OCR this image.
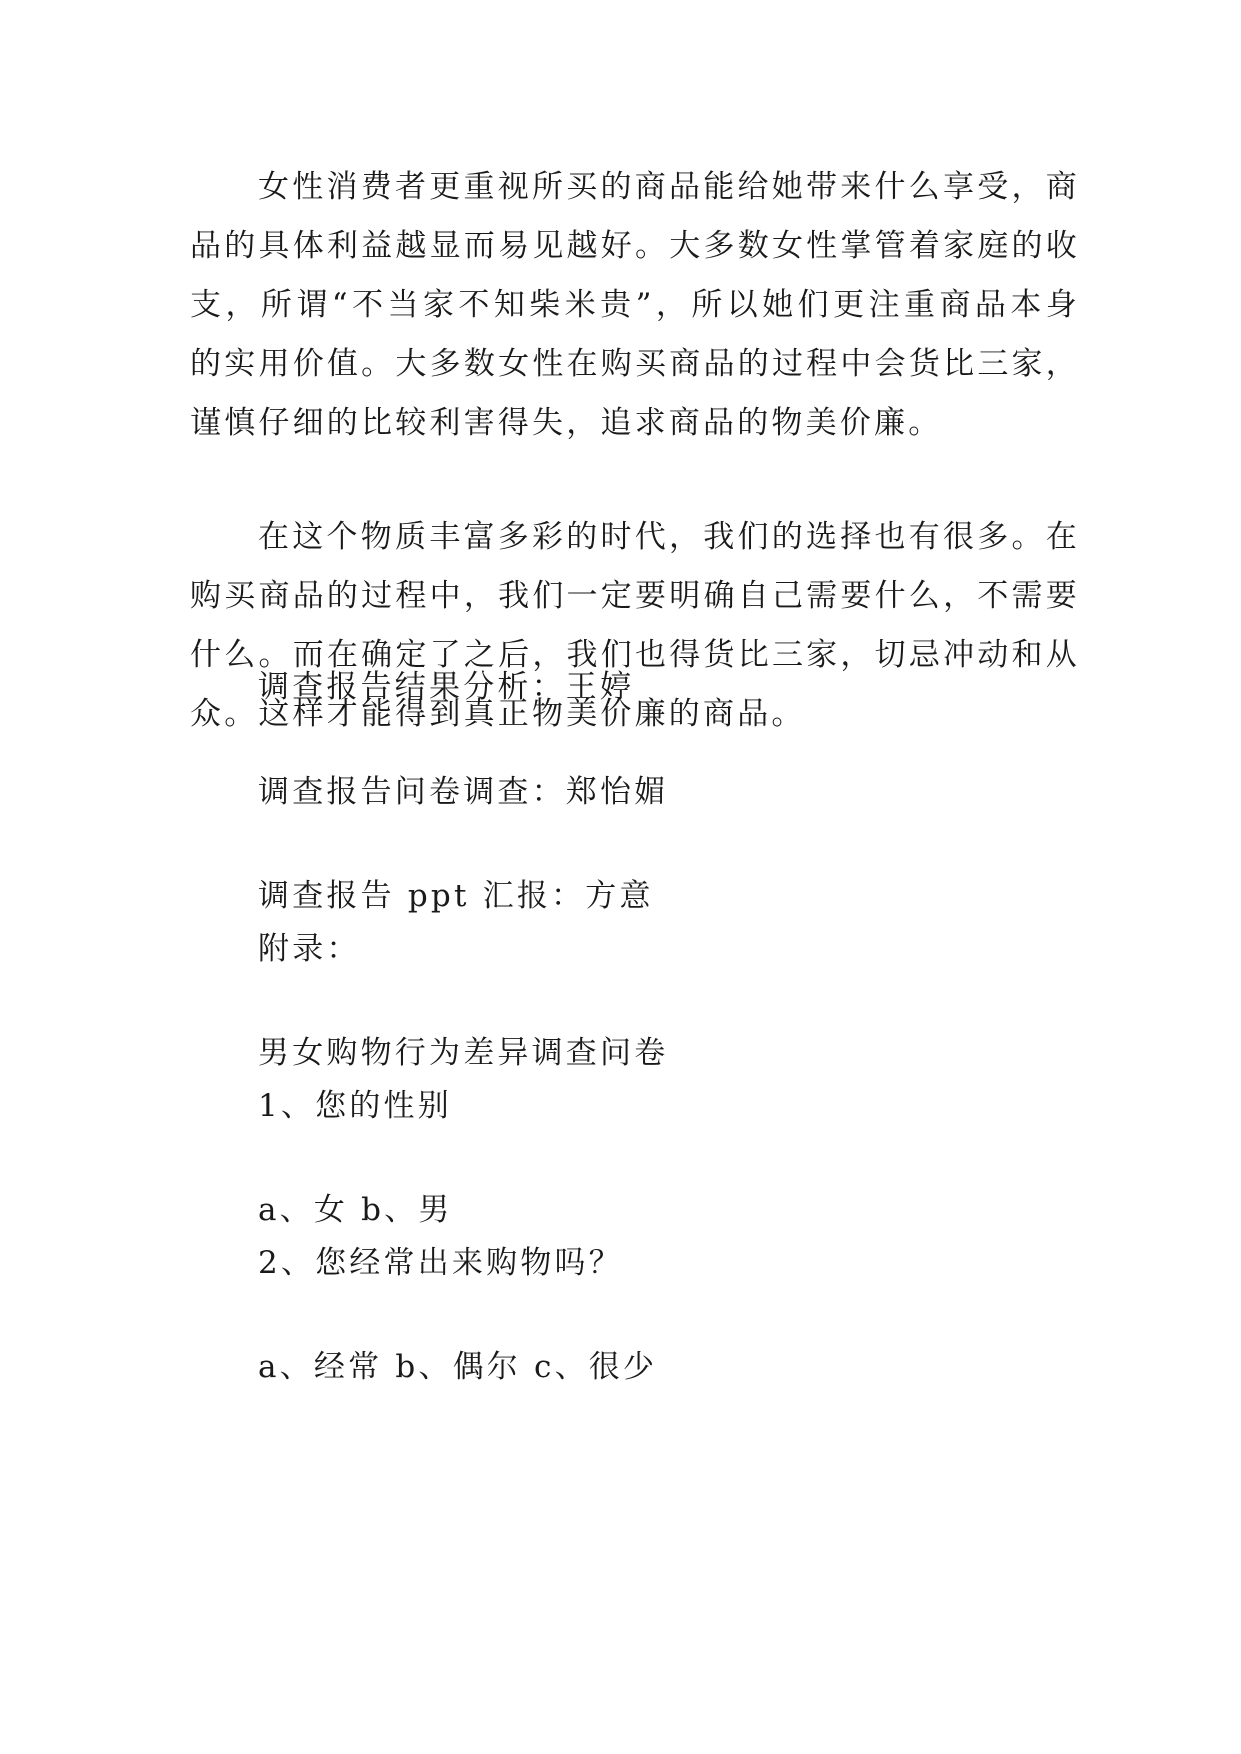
女性消费者更重视所买的商品能给她带来什么享受，商品的具体利益越显而易见越好。大多数女性掌管着家庭的收支，所谓“不当家不知柴米贵”，所以她们更注重商品本身的实用价值。大多数女性在购买商品的过程中会货比三家，谨慎仔细的比较利害得失，追求商品的物美价廉。

在这个物质丰富多彩的时代，我们的选择也有很多。在购买商品的过程中，我们一定要明确自己需要什么，不需要什么。而在确定了之后，我们也得货比三家，切忌冲动和从众。这样才能得到真正物美价廉的商品。

调查报告结果分析：王婷

调查报告问卷调查：郑怡媚

调查报告 ppt 汇报：方意

附录：

男女购物行为差异调查问卷

1、您的性别

a、女 b、男

2、您经常出来购物吗？

a、经常 b、偶尔 c、很少
